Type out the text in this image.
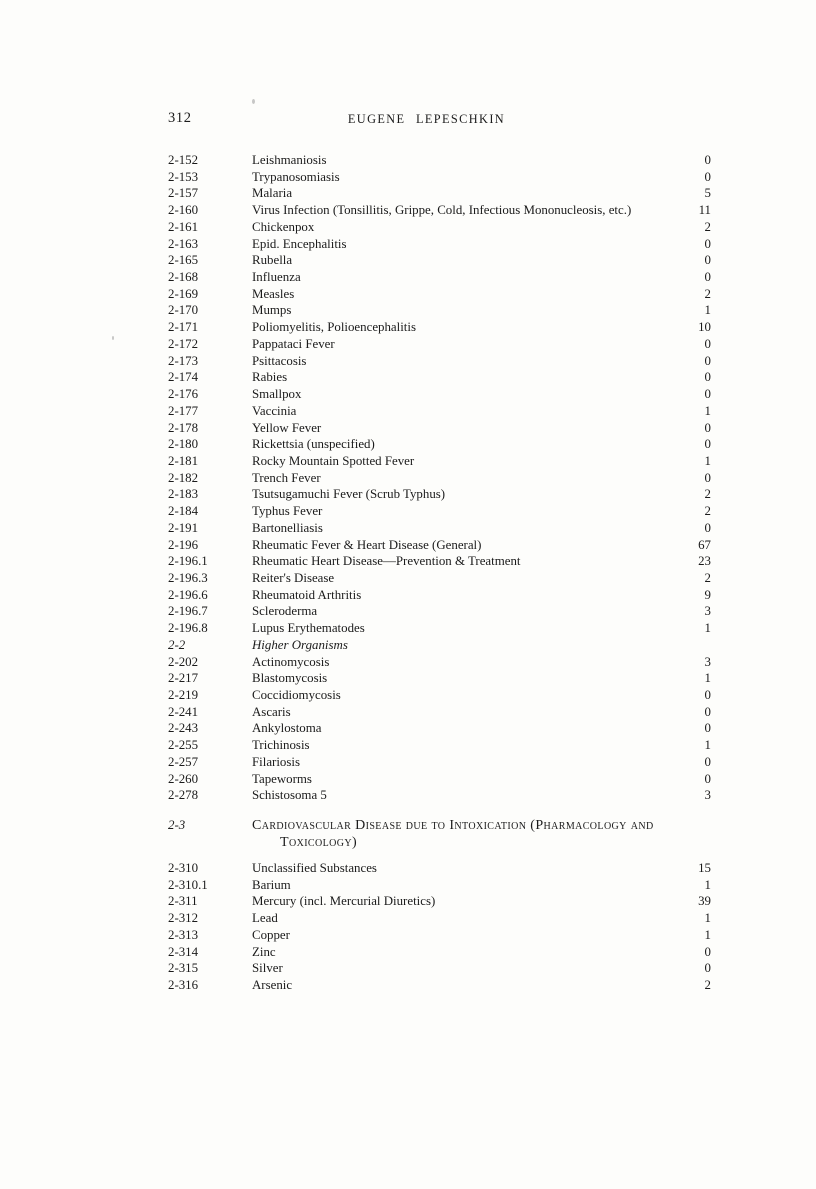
312	EUGENE LEPESCHKIN
2-152	Leishmaniosis	0
2-153	Trypanosomiasis	0
2-157	Malaria	5
2-160	Virus Infection (Tonsillitis, Grippe, Cold, Infectious Mononucleosis, etc.)	11
2-161	Chickenpox	2
2-163	Epid. Encephalitis	0
2-165	Rubella	0
2-168	Influenza	0
2-169	Measles	2
2-170	Mumps	1
2-171	Poliomyelitis, Polioencephalitis	10
2-172	Pappataci Fever	0
2-173	Psittacosis	0
2-174	Rabies	0
2-176	Smallpox	0
2-177	Vaccinia	1
2-178	Yellow Fever	0
2-180	Rickettsia (unspecified)	0
2-181	Rocky Mountain Spotted Fever	1
2-182	Trench Fever	0
2-183	Tsutsugamuchi Fever (Scrub Typhus)	2
2-184	Typhus Fever	2
2-191	Bartonelliasis	0
2-196	Rheumatic Fever & Heart Disease (General)	67
2-196.1	Rheumatic Heart Disease—Prevention & Treatment	23
2-196.3	Reiter's Disease	2
2-196.6	Rheumatoid Arthritis	9
2-196.7	Scleroderma	3
2-196.8	Lupus Erythematodes	1
2-2	Higher Organisms
2-202	Actinomycosis	3
2-217	Blastomycosis	1
2-219	Coccidiomycosis	0
2-241	Ascaris	0
2-243	Ankylostoma	0
2-255	Trichinosis	1
2-257	Filariosis	0
2-260	Tapeworms	0
2-278	Schistosoma 5	3
2-3	Cardiovascular Disease due to Intoxication (Pharmacology and
Toxicology)
2-310	Unclassified Substances	15
2-310.1	Barium	1
2-311	Mercury (incl. Mercurial Diuretics)	39
2-312	Lead	1
2-313	Copper	1
2-314	Zinc	0
2-315	Silver	0
2-316	Arsenic	2
